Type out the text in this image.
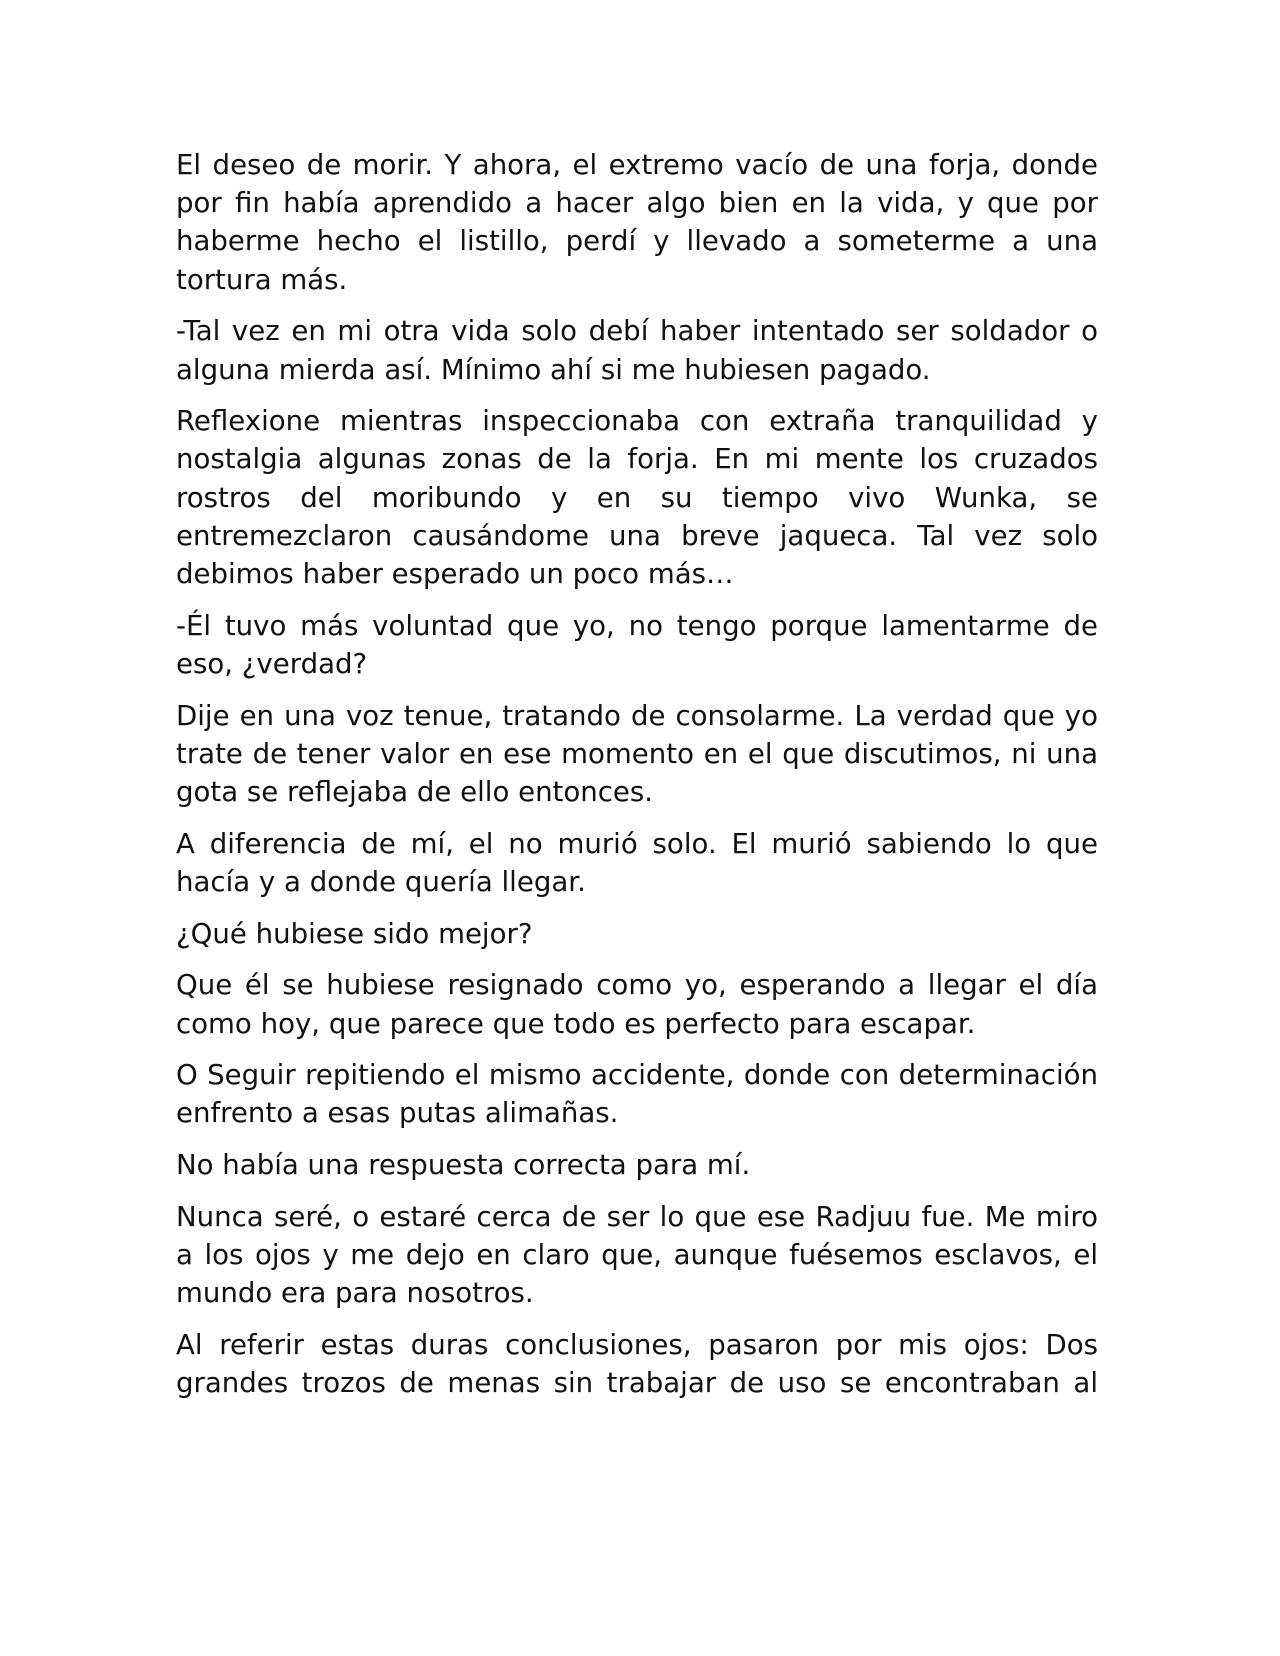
El deseo de morir. Y ahora, el extremo vacío de una forja, donde por fin había aprendido a hacer algo bien en la vida, y que por haberme hecho el listillo, perdí y llevado a someterme a una tortura más.

-Tal vez en mi otra vida solo debí haber intentado ser soldador o alguna mierda así. Mínimo ahí si me hubiesen pagado.

Reflexione mientras inspeccionaba con extraña tranquilidad y nostalgia algunas zonas de la forja. En mi mente los cruzados rostros del moribundo y en su tiempo vivo Wunka, se entremezclaron causándome una breve jaqueca. Tal vez solo debimos haber esperado un poco más…

-Él tuvo más voluntad que yo, no tengo porque lamentarme de eso, ¿verdad?

Dije en una voz tenue, tratando de consolarme. La verdad que yo trate de tener valor en ese momento en el que discutimos, ni una gota se reflejaba de ello entonces.

A diferencia de mí, el no murió solo. El murió sabiendo lo que hacía y a donde quería llegar.

¿Qué hubiese sido mejor?

Que él se hubiese resignado como yo, esperando a llegar el día como hoy, que parece que todo es perfecto para escapar.

O Seguir repitiendo el mismo accidente, donde con determinación enfrento a esas putas alimañas.

No había una respuesta correcta para mí.

Nunca seré, o estaré cerca de ser lo que ese Radjuu fue. Me miro a los ojos y me dejo en claro que, aunque fuésemos esclavos, el mundo era para nosotros.

Al referir estas duras conclusiones, pasaron por mis ojos: Dos grandes trozos de menas sin trabajar de uso se encontraban al
